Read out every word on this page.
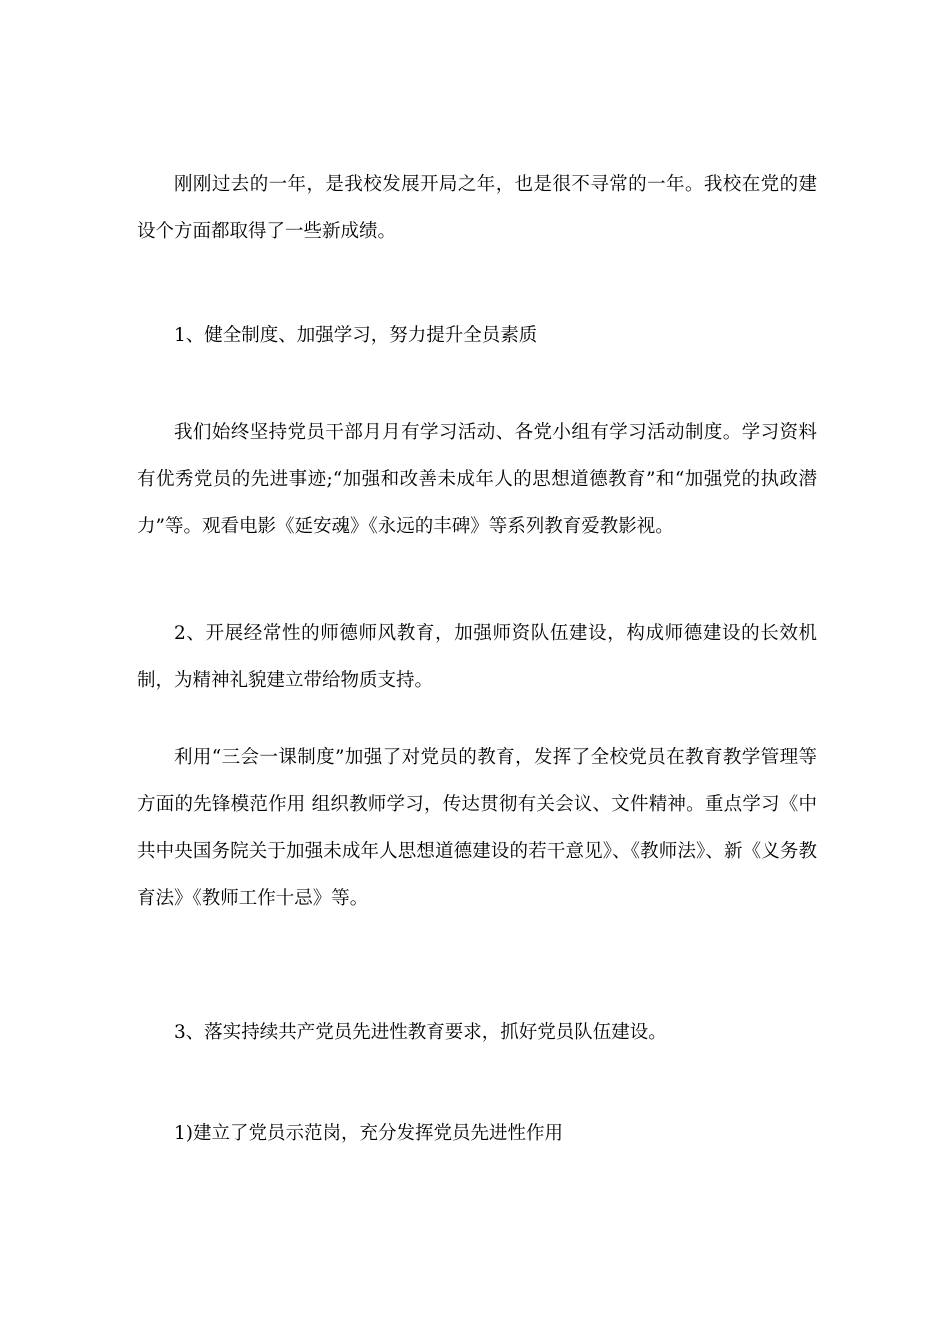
刚刚过去的一年，是我校发展开局之年，也是很不寻常的一年。我校在党的建设个方面都取得了一些新成绩。

1、健全制度、加强学习，努力提升全员素质

我们始终坚持党员干部月月有学习活动、各党小组有学习活动制度。学习资料有优秀党员的先进事迹;“加强和改善未成年人的思想道德教育”和“加强党的执政潜力”等。观看电影《延安魂》《永远的丰碑》等系列教育爱教影视。

2、开展经常性的师德师风教育，加强师资队伍建设，构成师德建设的长效机制，为精神礼貌建立带给物质支持。

利用“三会一课制度”加强了对党员的教育，发挥了全校党员在教育教学管理等方面的先锋模范作用 组织教师学习，传达贯彻有关会议、文件精神。重点学习《中共中央国务院关于加强未成年人思想道德建设的若干意见》、《教师法》、新《义务教育法》《教师工作十忌》等。

3、落实持续共产党员先进性教育要求，抓好党员队伍建设。

1)建立了党员示范岗，充分发挥党员先进性作用
